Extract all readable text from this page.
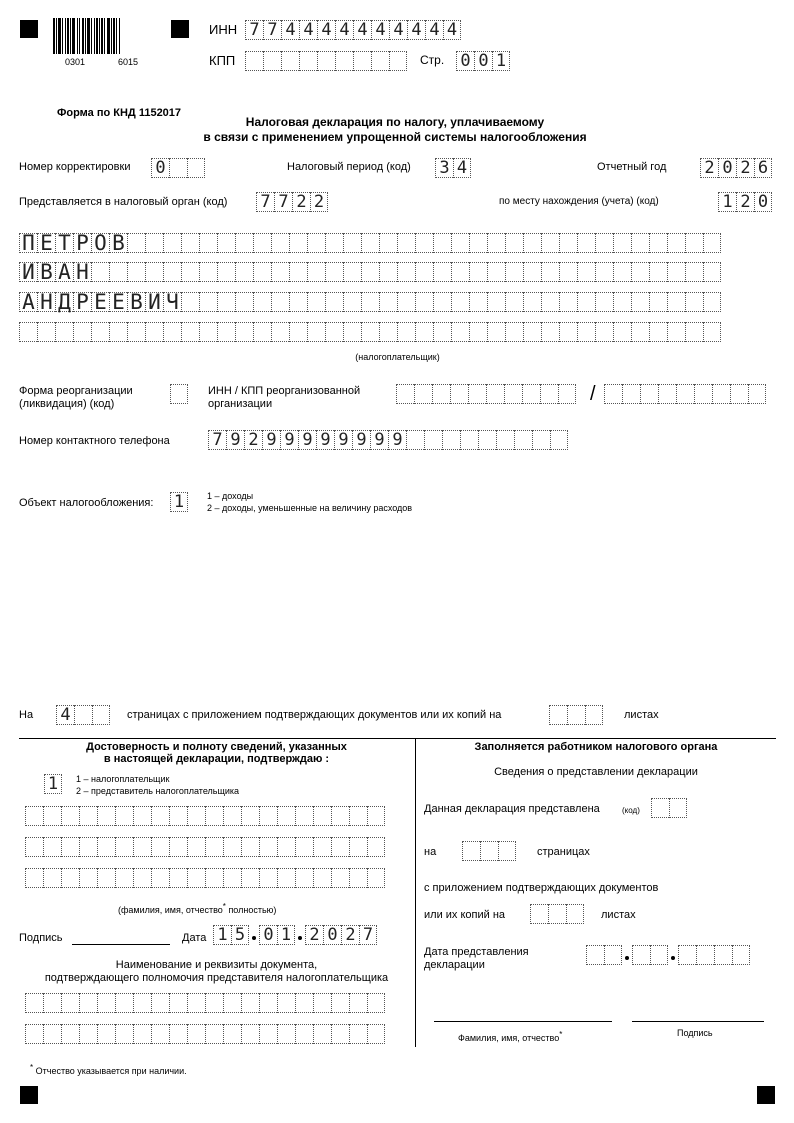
0301	6015
ИНН 7 7 4 4 4 4 4 4 4 4 4 4
КПП	Стр. 0 0 1
Форма по КНД 1152017
Налоговая декларация по налогу, уплачиваемому
в связи с применением упрощенной системы налогообложения
Номер корректировки 0	Налоговый период (код) 3 4	Отчетный год 2 0 2 6
Представляется в налоговый орган (код) 7 7 2 2	по месту нахождения (учета) (код)	1 2 0
П Е Т Р О В
И В А Н
А Н Д Р Е Е В И Ч
(налогоплательщик)
Форма реорганизации
(ликвидация) (код)
ИНН / КПП реорганизованной
организации	/
Номер контактного телефона	7 9 2 9 9 9 9 9 9 9 9
Объект налогообложения: 1	1 – доходы
2 – доходы, уменьшенные на величину расходов
На 4	страницах с приложением подтверждающих документов или их копий на	листах
Достоверность и полноту сведений, указанных
в настоящей декларации, подтверждаю :
1	1 – налогоплательщик
2 – представитель налогоплательщика
(фамилия, имя, отчество* полностью)
Подпись	Дата 1 5 0 1 2 0 2 7
Наименование и реквизиты документа,
подтверждающего полномочия представителя налогоплательщика
Заполняется работником налогового органа
Сведения о представлении декларации
Данная декларация представлена	(код)
на	страницах
с приложением подтверждающих документов
или их копий на	листах
Дата представления
декларации
Фамилия, имя, отчество*	Подпись
* Отчество указывается при наличии.
